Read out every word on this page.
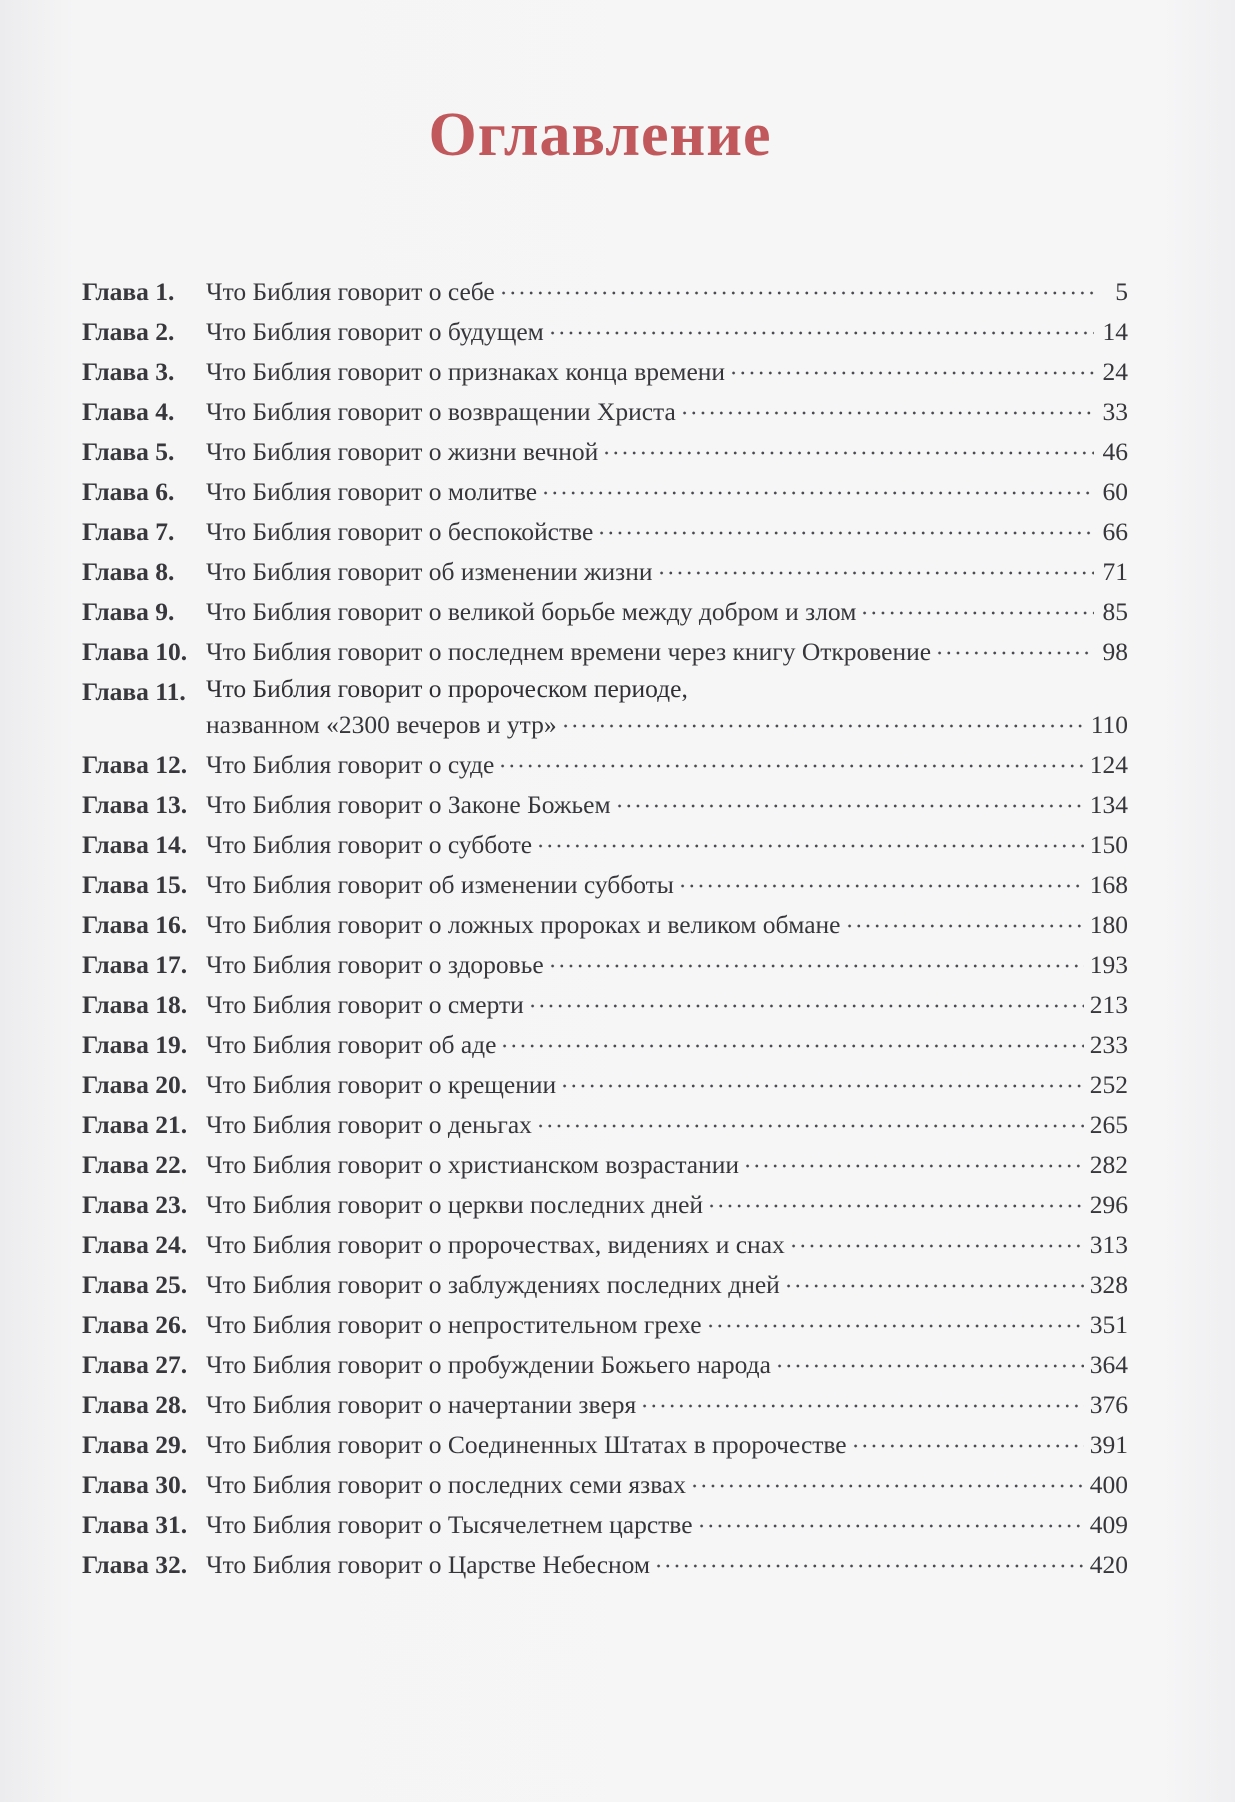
Оглавление
Глава 1.	Что Библия говорит о себе	5
Глава 2.	Что Библия говорит о будущем	14
Глава 3.	Что Библия говорит о признаках конца времени	24
Глава 4.	Что Библия говорит о возвращении Христа	33
Глава 5.	Что Библия говорит о жизни вечной	46
Глава 6.	Что Библия говорит о молитве	60
Глава 7.	Что Библия говорит о беспокойстве	66
Глава 8.	Что Библия говорит об изменении жизни	71
Глава 9.	Что Библия говорит о великой борьбе между добром и злом	85
Глава 10. Что Библия говорит о последнем времени через книгу Откровение	98
Глава 11. Что Библия говорит о пророческом периоде,
названном «2300 вечеров и утр»	110
Глава 12. Что Библия говорит о суде	124
Глава 13. Что Библия говорит о Законе Божьем	134
Глава 14. Что Библия говорит о субботе	150
Глава 15. Что Библия говорит об изменении субботы	168
Глава 16. Что Библия говорит о ложных пророках и великом обмане	180
Глава 17. Что Библия говорит о здоровье	193
Глава 18. Что Библия говорит о смерти	213
Глава 19. Что Библия говорит об аде	233
Глава 20. Что Библия говорит о крещении	252
Глава 21. Что Библия говорит о деньгах	265
Глава 22. Что Библия говорит о христианском возрастании	282
Глава 23. Что Библия говорит о церкви последних дней	296
Глава 24. Что Библия говорит о пророчествах, видениях и снах	313
Глава 25. Что Библия говорит о заблуждениях последних дней	328
Глава 26. Что Библия говорит о непростительном грехе	351
Глава 27. Что Библия говорит о пробуждении Божьего народа	364
Глава 28. Что Библия говорит о начертании зверя	376
Глава 29. Что Библия говорит о Соединенных Штатах в пророчестве	391
Глава 30. Что Библия говорит о последних семи язвах	400
Глава 31. Что Библия говорит о Тысячелетнем царстве	409
Глава 32. Что Библия говорит о Царстве Небесном	420
